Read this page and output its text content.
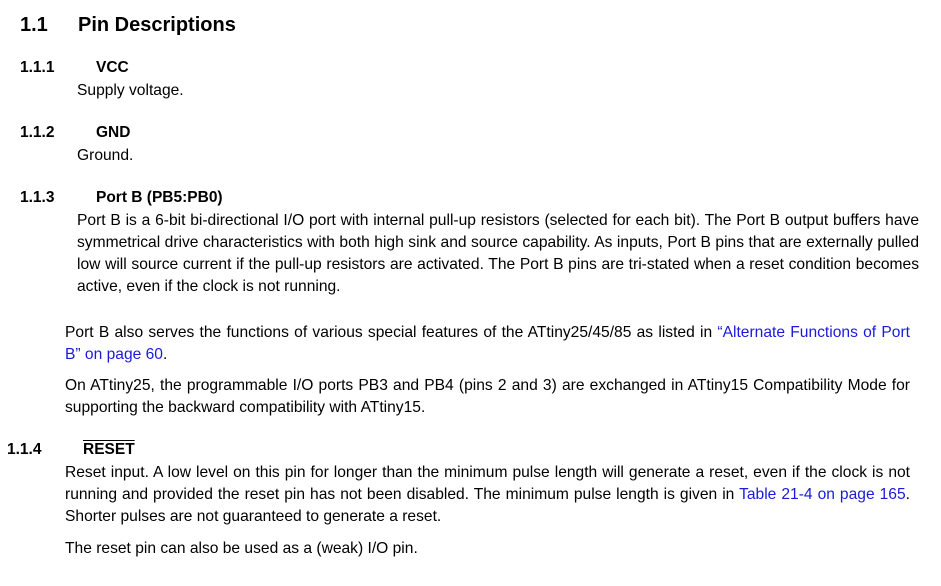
1.1 Pin Descriptions
1.1.1	VCC
Supply voltage.
1.1.2	GND
Ground.
1.1.3	Port B (PB5:PB0)
Port B is a 6-bit bi-directional I/O port with internal pull-up resistors (selected for each bit). The Port B output buffers have symmetrical drive characteristics with both high sink and source capability. As inputs, Port B pins that are externally pulled low will source current if the pull-up resistors are activated. The Port B pins are tri-stated when a reset condition becomes active, even if the clock is not running.
Port B also serves the functions of various special features of the ATtiny25/45/85 as listed in “Alternate Functions of Port B” on page 60.
On ATtiny25, the programmable I/O ports PB3 and PB4 (pins 2 and 3) are exchanged in ATtiny15 Compatibility Mode for supporting the backward compatibility with ATtiny15.
1.1.4	RESET
Reset input. A low level on this pin for longer than the minimum pulse length will generate a reset, even if the clock is not running and provided the reset pin has not been disabled. The minimum pulse length is given in Table 21-4 on page 165. Shorter pulses are not guaranteed to generate a reset.
The reset pin can also be used as a (weak) I/O pin.
